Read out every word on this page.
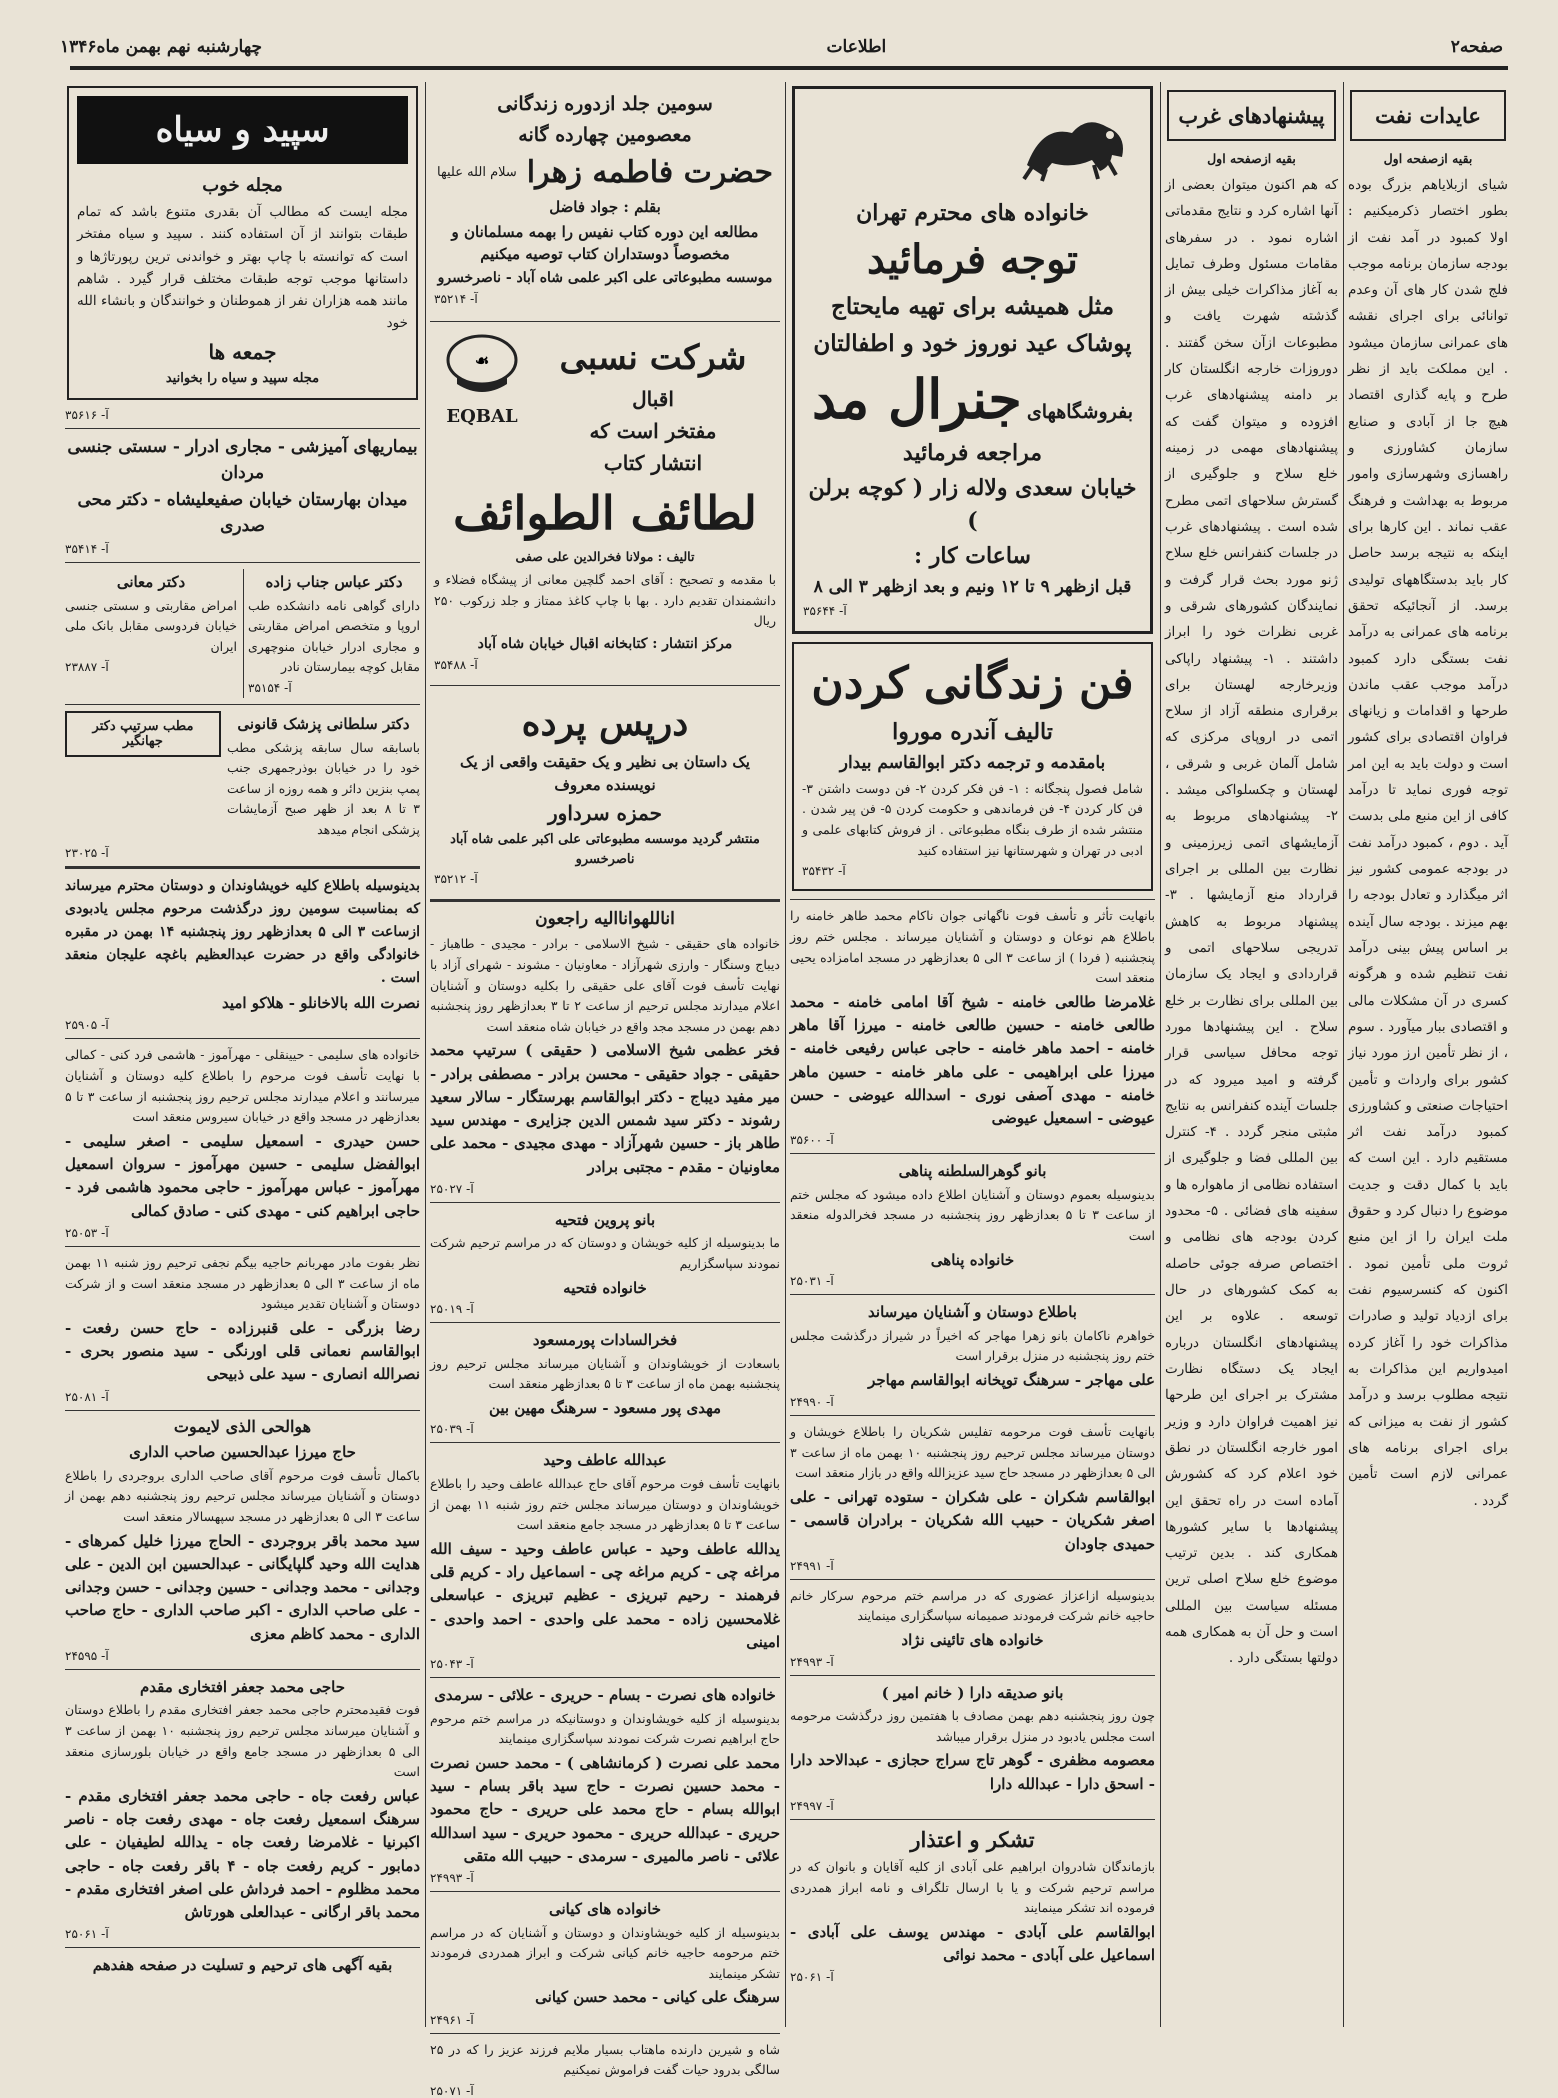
صفحه۲
اطلاعات
چهارشنبه نهم بهمن ماه۱۳۴۶
عایدات نفت
بقیه ازصفحه اول
شیای ازبلایاهم بزرگ بوده بطور اختصار ذکرمیکنیم : اولا کمبود در آمد نفت از بودجه سازمان برنامه موجب فلج شدن کار های آن وعدم توانائی برای اجرای نقشه های عمرانی سازمان میشود . این مملکت باید از نظر طرح و پایه گذاری اقتصاد هیچ جا از آبادی و صنایع سازمان کشاورزی و راهسازی وشهرسازی وامور مربوط به بهداشت و فرهنگ عقب نماند . این کارها برای اینکه به نتیجه برسد حاصل کار باید بدستگاههای تولیدی برسد. از آنجائیکه تحقق برنامه های عمرانی به درآمد نفت بستگی دارد کمبود درآمد موجب عقب ماندن طرحها و اقدامات و زیانهای فراوان اقتصادی برای کشور است و دولت باید به این امر توجه فوری نماید تا درآمد کافی از این منبع ملی بدست آید . دوم ، کمبود درآمد نفت در بودجه عمومی کشور نیز اثر میگذارد و تعادل بودجه را بهم میزند . بودجه سال آینده بر اساس پیش بینی درآمد نفت تنظیم شده و هرگونه کسری در آن مشکلات مالی و اقتصادی ببار میآورد . سوم ، از نظر تأمین ارز مورد نیاز کشور برای واردات و تأمین احتیاجات صنعتی و کشاورزی کمبود درآمد نفت اثر مستقیم دارد . این است که باید با کمال دقت و جدیت موضوع را دنبال کرد و حقوق ملت ایران را از این منبع ثروت ملی تأمین نمود . اکنون که کنسرسیوم نفت برای ازدیاد تولید و صادرات مذاکرات خود را آغاز کرده امیدواریم این مذاکرات به نتیجه مطلوب برسد و درآمد کشور از نفت به میزانی که برای اجرای برنامه های عمرانی لازم است تأمین گردد .
پیشنهادهای غرب
بقیه ازصفحه اول
که هم اکنون میتوان بعضی از آنها اشاره کرد و نتایج مقدماتی اشاره نمود . در سفرهای مقامات مسئول وطرف تمایل به آغاز مذاکرات خیلی بیش از گذشته شهرت یافت و مطبوعات ازآن سخن گفتند . دوروزات خارجه انگلستان کار بر دامنه پیشنهادهای غرب افزوده و میتوان گفت که پیشنهادهای مهمی در زمینه خلع سلاح و جلوگیری از گسترش سلاحهای اتمی مطرح شده است . پیشنهادهای غرب در جلسات کنفرانس خلع سلاح ژنو مورد بحث قرار گرفت و نمایندگان کشورهای شرقی و غربی نظرات خود را ابراز داشتند . ۱- پیشنهاد راپاکی وزیرخارجه لهستان برای برقراری منطقه آزاد از سلاح اتمی در اروپای مرکزی که شامل آلمان غربی و شرقی ، لهستان و چکسلواکی میشد . ۲- پیشنهادهای مربوط به آزمایشهای اتمی زیرزمینی و نظارت بین المللی بر اجرای قرارداد منع آزمایشها . ۳- پیشنهاد مربوط به کاهش تدریجی سلاحهای اتمی و قراردادی و ایجاد یک سازمان بین المللی برای نظارت بر خلع سلاح . این پیشنهادها مورد توجه محافل سیاسی قرار گرفته و امید میرود که در جلسات آینده کنفرانس به نتایج مثبتی منجر گردد . ۴- کنترل بین المللی فضا و جلوگیری از استفاده نظامی از ماهواره ها و سفینه های فضائی . ۵- محدود کردن بودجه های نظامی و اختصاص صرفه جوئی حاصله به کمک کشورهای در حال توسعه . علاوه بر این پیشنهادهای انگلستان درباره ایجاد یک دستگاه نظارت مشترک بر اجرای این طرحها نیز اهمیت فراوان دارد و وزیر امور خارجه انگلستان در نطق خود اعلام کرد که کشورش آماده است در راه تحقق این پیشنهادها با سایر کشورها همکاری کند . بدین ترتیب موضوع خلع سلاح اصلی ترین مسئله سیاست بین المللی است و حل آن به همکاری همه دولتها بستگی دارد .
خانواده های محترم تهران
توجه فرمائید
مثل همیشه برای تهیه مایحتاج
پوشاک عید نوروز خود و اطفالتان
بفروشگاههای جنرال مد
مراجعه فرمائید
خیابان سعدی ولاله زار ( کوچه برلن )
ساعات کار :
قبل ازظهر ۹ تا ۱۲ ونیم و بعد ازظهر ۳ الی ۸
آ- ۳۵۶۴۴
فن زندگانی کردن
تالیف آندره موروا
بامقدمه و ترجمه دکتر ابوالقاسم بیدار
شامل فصول پنجگانه : ۱- فن فکر کردن ۲- فن دوست داشتن ۳- فن کار کردن ۴- فن فرماندهی و حکومت کردن ۵- فن پیر شدن . منتشر شده از طرف بنگاه مطبوعاتی . از فروش کتابهای علمی و ادبی در تهران و شهرستانها نیز استفاده کنید
آ- ۳۵۴۳۲
بانهایت تأثر و تأسف فوت ناگهانی جوان ناکام محمد طاهر خامنه را باطلاع هم نوعان و دوستان و آشنایان میرساند . مجلس ختم روز پنجشنبه ( فردا ) از ساعت ۳ الی ۵ بعدازظهر در مسجد امامزاده یحیی منعقد است
غلامرضا طالعی خامنه - شیخ آقا امامی خامنه - محمد طالعی خامنه - حسین طالعی خامنه - میرزا آقا ماهر خامنه - احمد ماهر خامنه - حاجی عباس رفیعی خامنه - میرزا علی ابراهیمی - علی ماهر خامنه - حسین ماهر خامنه - مهدی آصفی نوری - اسدالله عیوضی - حسن عیوضی - اسمعیل عیوضی
آ- ۳۵۶۰۰
بانو گوهرالسلطنه پناهی
بدینوسیله بعموم دوستان و آشنایان اطلاع داده میشود که مجلس ختم از ساعت ۳ تا ۵ بعدازظهر روز پنجشنبه در مسجد فخرالدوله منعقد است
خانواده پناهی
آ- ۲۵۰۳۱
باطلاع دوستان و آشنایان میرساند
خواهرم ناکامان بانو زهرا مهاجر که اخیراً در شیراز درگذشت مجلس ختم روز پنجشنبه در منزل برقرار است
علی مهاجر - سرهنگ توپخانه ابوالقاسم مهاجر
آ- ۲۴۹۹۰
بانهایت تأسف فوت مرحومه تفلیس شکریان را باطلاع خویشان و دوستان میرساند مجلس ترحیم روز پنجشنبه ۱۰ بهمن ماه از ساعت ۳ الی ۵ بعدازظهر در مسجد حاج سید عزیزالله واقع در بازار منعقد است
ابوالقاسم شکران - علی شکران - ستوده تهرانی - علی اصغر شکریان - حبیب الله شکریان - برادران قاسمی - حمیدی جاودان
آ- ۲۴۹۹۱
بدینوسیله ازاعزاز عضوری که در مراسم ختم مرحوم سرکار خانم حاجیه خانم شرکت فرمودند صمیمانه سپاسگزاری مینمایند
خانواده های تائینی نژاد
آ- ۲۴۹۹۳
بانو صدیقه دارا ( خانم امیر )
چون روز پنجشنبه دهم بهمن مصادف با هفتمین روز درگذشت مرحومه است مجلس یادبود در منزل برقرار میباشد
معصومه مظفری - گوهر تاج سراج حجازی - عبدالاحد دارا - اسحق دارا - عبدالله دارا
آ- ۲۴۹۹۷
تشکر و اعتذار
بازماندگان شادروان ابراهیم علی آبادی از کلیه آقایان و بانوان که در مراسم ترحیم شرکت و یا با ارسال تلگراف و نامه ابراز همدردی فرموده اند تشکر مینمایند
ابوالقاسم علی آبادی - مهندس یوسف علی آبادی - اسماعیل علی آبادی - محمد نوائی
آ- ۲۵۰۶۱
سومین جلد ازدوره زندگانی
معصومین چهارده گانه
حضرت فاطمه زهرا
سلام الله علیها
بقلم : جواد فاضل
مطالعه این دوره کتاب نفیس را بهمه مسلمانان و مخصوصاً دوستداران کتاب توصیه میکنیم
موسسه مطبوعاتی علی اکبر علمی شاه آباد - ناصرخسرو
آ- ۳۵۲۱۴
شرکت نسبی
اقبال
مفتخر است که
انتشار کتاب
☙
EQBAL
لطائف الطوائف
تالیف : مولانا فخرالدین علی صفی
با مقدمه و تصحیح : آقای احمد گلچین معانی از پیشگاه فضلاء و دانشمندان تقدیم دارد . بها با چاپ کاغذ ممتاز و جلد زرکوب ۲۵۰ ریال
مرکز انتشار : کتابخانه اقبال خیابان شاه آباد
آ- ۳۵۴۸۸
درپس پرده
یک داستان بی نظیر و یک حقیقت واقعی از یک نویسنده معروف
حمزه سرداور
منتشر گردید موسسه مطبوعاتی علی اکبر علمی شاه آباد ناصرخسرو
آ- ۳۵۲۱۲
اناللهواناالیه راجعون
خانواده های حقیقی - شیخ الاسلامی - برادر - مجیدی - طاهباز - دیباج وسنگار - وارزی شهرآزاد - معاونیان - مشوند - شهرای آزاد با نهایت تأسف فوت آقای علی حقیقی را بکلیه دوستان و آشنایان اعلام میدارند مجلس ترحیم از ساعت ۲ تا ۳ بعدازظهر روز پنجشنبه دهم بهمن در مسجد مجد واقع در خیابان شاه منعقد است
فخر عظمی شیخ الاسلامی ( حقیقی ) سرتیپ محمد حقیقی - جواد حقیقی - محسن برادر - مصطفی برادر - میر مفید دیباج - دکتر ابوالقاسم بهرستگار - سالار سعید رشوند - دکتر سید شمس الدین جزایری - مهندس سید طاهر باز - حسین شهرآزاد - مهدی مجیدی - محمد علی معاونیان - مقدم - مجتبی برادر
آ- ۲۵۰۲۷
بانو پروین فتحیه
ما بدینوسیله از کلیه خویشان و دوستان که در مراسم ترحیم شرکت نمودند سپاسگزاریم
خانواده فتحیه
آ- ۲۵۰۱۹
فخرالسادات پورمسعود
باسعادت از خویشاوندان و آشنایان میرساند مجلس ترحیم روز پنجشنبه بهمن ماه از ساعت ۳ تا ۵ بعدازظهر منعقد است
مهدی پور مسعود - سرهنگ مهین بین
آ- ۲۵۰۳۹
عبدالله عاطف وحید
بانهایت تأسف فوت مرحوم آقای حاج عبدالله عاطف وحید را باطلاع خویشاوندان و دوستان میرساند مجلس ختم روز شنبه ۱۱ بهمن از ساعت ۳ تا ۵ بعدازظهر در مسجد جامع منعقد است
یدالله عاطف وحید - عباس عاطف وحید - سیف الله مراغه چی - کریم مراغه چی - اسماعیل راد - کریم قلی فرهمند - رحیم تبریزی - عظیم تبریزی - عباسعلی غلامحسین زاده - محمد علی واحدی - احمد واحدی - امینی
آ- ۲۵۰۴۳
خانواده های نصرت - بسام - حریری - علائی - سرمدی
بدینوسیله از کلیه خویشاوندان و دوستانیکه در مراسم ختم مرحوم حاج ابراهیم نصرت شرکت نمودند سپاسگزاری مینمایند
محمد علی نصرت ( کرمانشاهی ) - محمد حسن نصرت - محمد حسین نصرت - حاج سید باقر بسام - سید ابوالله بسام - حاج محمد علی حریری - حاج محمود حریری - عبدالله حریری - محمود حریری - سید اسدالله علائی - ناصر مالمیری - سرمدی - حبیب الله متقی
آ- ۲۴۹۹۳
خانواده های کیانی
بدینوسیله از کلیه خویشاوندان و دوستان و آشنایان که در مراسم ختم مرحومه حاجیه خانم کیانی شرکت و ابراز همدردی فرمودند تشکر مینمایند
سرهنگ علی کیانی - محمد حسن کیانی
آ- ۲۴۹۶۱
شاه و شیرین دارنده ماهتاب بسیار ملایم فرزند عزیز را که در ۲۵ سالگی بدرود حیات گفت فراموش نمیکنیم
آ- ۲۵۰۷۱
سپید و سیاه
مجله خوب
مجله ایست که مطالب آن بقدری متنوع باشد که تمام طبقات بتوانند از آن استفاده کنند . سپید و سیاه مفتخر است که توانسته با چاپ بهتر و خواندنی ترین رپورتاژها و داستانها موجب توجه طبقات مختلف قرار گیرد . شاهم مانند همه هزاران نفر از هموطنان و خوانندگان و بانشاء الله خود
جمعه ها
مجله سپید و سیاه را بخوانید
آ- ۳۵۶۱۶
بیماریهای آمیزشی - مجاری ادرار - سستی جنسی مردان
میدان بهارستان خیابان صفیعلیشاه - دکتر محی صدری
آ- ۳۵۴۱۴
دکتر عباس جناب زاده
دارای گواهی نامه دانشکده طب اروپا و متخصص امراض مقاربتی و مجاری ادرار خیابان منوچهری مقابل کوچه بیمارستان نادر
آ- ۳۵۱۵۴
دکتر معانی
امراض مقاربتی و سستی جنسی خیابان فردوسی مقابل بانک ملی ایران
آ- ۲۳۸۸۷
دکتر سلطانی پزشک قانونی
باسابقه سال سابقه پزشکی مطب خود را در خیابان بوذرجمهری جنب پمپ بنزین دائر و همه روزه از ساعت ۳ تا ۸ بعد از ظهر صبح آزمایشات پزشکی انجام میدهد
مطب سرتیپ دکتر جهانگیر
آ- ۲۳۰۲۵
بدینوسیله باطلاع کلیه خویشاوندان و دوستان محترم میرساند که بمناسبت سومین روز درگذشت مرحوم مجلس یادبودی ازساعت ۳ الی ۵ بعدازظهر روز پنجشنبه ۱۴ بهمن در مقبره خانوادگی واقع در حضرت عبدالعظیم باغچه علیجان منعقد است .
نصرت الله بالاخانلو - هلاکو امید
آ- ۲۵۹۰۵
خانواده های سلیمی - حیینقلی - مهرآموز - هاشمی فرد کنی - کمالی با نهایت تأسف فوت مرحوم را باطلاع کلیه دوستان و آشنایان میرسانند و اعلام میدارند مجلس ترحیم روز پنجشنبه از ساعت ۳ تا ۵ بعدازظهر در مسجد واقع در خیابان سیروس منعقد است
حسن حیدری - اسمعیل سلیمی - اصغر سلیمی - ابوالفضل سلیمی - حسین مهرآموز - سروان اسمعیل مهرآموز - عباس مهرآموز - حاجی محمود هاشمی فرد - حاجی ابراهیم کنی - مهدی کنی - صادق کمالی
آ- ۲۵۰۵۳
نظر بفوت مادر مهربانم حاجیه بیگم نجفی ترحیم روز شنبه ۱۱ بهمن ماه از ساعت ۳ الی ۵ بعدازظهر در مسجد منعقد است و از شرکت دوستان و آشنایان تقدیر میشود
رضا بزرگی - علی قنبرزاده - حاج حسن رفعت - ابوالقاسم نعمانی قلی اورنگی - سید منصور بحری - نصرالله انصاری - سید علی ذبیحی
آ- ۲۵۰۸۱
هوالحی الذی لایموت
حاج میرزا عبدالحسین صاحب الداری
باکمال تأسف فوت مرحوم آقای صاحب الداری بروجردی را باطلاع دوستان و آشنایان میرساند مجلس ترحیم روز پنجشنبه دهم بهمن از ساعت ۳ الی ۵ بعدازظهر در مسجد سپهسالار منعقد است
سید محمد باقر بروجردی - الحاج میرزا خلیل کمرهای - هدایت الله وحید گلپایگانی - عبدالحسین ابن الدین - علی وجدانی - محمد وجدانی - حسین وجدانی - حسن وجدانی - علی صاحب الداری - اکبر صاحب الداری - حاج صاحب الداری - محمد کاظم معزی
آ- ۲۴۵۹۵
حاجی محمد جعفر افتخاری مقدم
فوت فقیدمحترم حاجی محمد جعفر افتخاری مقدم را باطلاع دوستان و آشنایان میرساند مجلس ترحیم روز پنجشنبه ۱۰ بهمن از ساعت ۳ الی ۵ بعدازظهر در مسجد جامع واقع در خیابان بلورسازی منعقد است
عباس رفعت جاه - حاجی محمد جعفر افتخاری مقدم - سرهنگ اسمعیل رفعت جاه - مهدی رفعت جاه - ناصر اکبرنیا - غلامرضا رفعت جاه - یدالله لطیفیان - علی دمابور - کریم رفعت جاه - ۴ باقر رفعت جاه - حاجی محمد مظلوم - احمد فرداش علی اصغر افتخاری مقدم - محمد باقر ارگانی - عبدالعلی هورتاش
آ- ۲۵۰۶۱
بقیه آگهی های ترحیم و تسلیت در صفحه هفدهم
